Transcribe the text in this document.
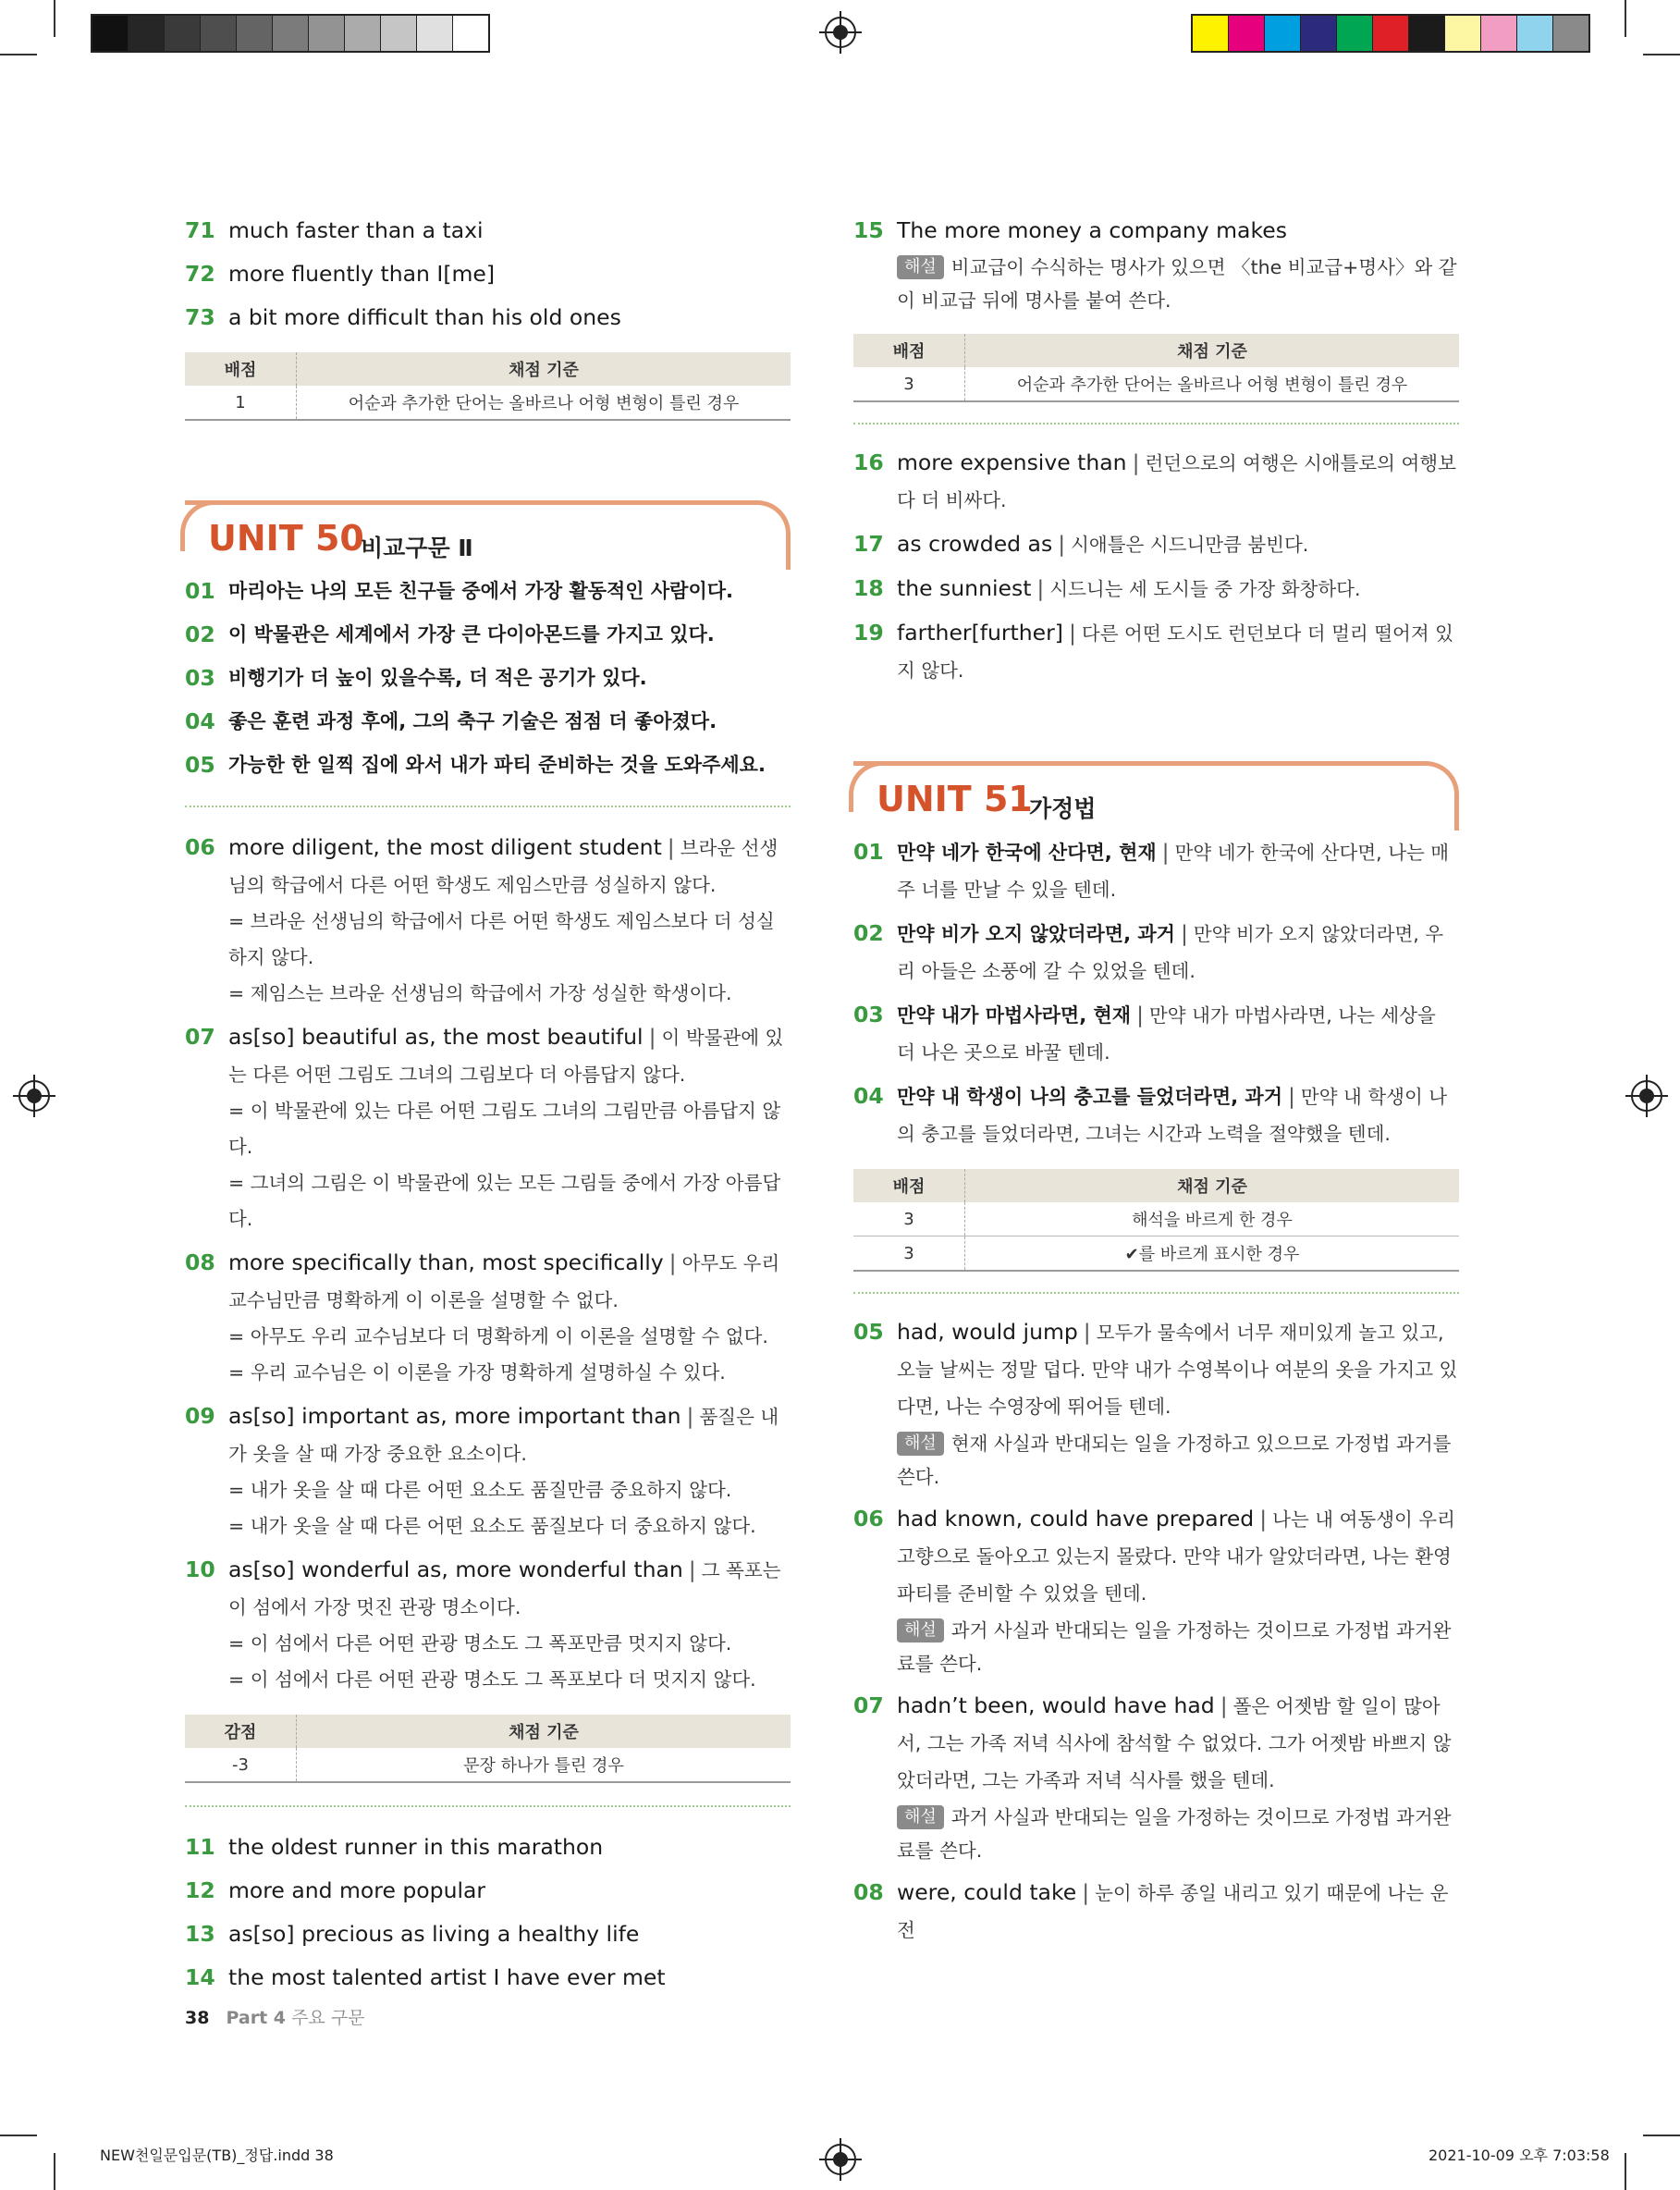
71 much faster than a taxi
72 more fluently than I[me]
73 a bit more difficult than his old ones
배점	채점 기준
1	어순과 추가한 단어는 올바르나 어형 변형이 틀린 경우
UNIT 50
비교구문 Ⅱ
01 마리아는 나의 모든 친구들 중에서 가장 활동적인 사람이다.
02 이 박물관은 세계에서 가장 큰 다이아몬드를 가지고 있다.
03 비행기가 더 높이 있을수록, 더 적은 공기가 있다.
04 좋은 훈련 과정 후에, 그의 축구 기술은 점점 더 좋아졌다.
05 가능한 한 일찍 집에 와서 내가 파티 준비하는 것을 도와주세요.
06 more diligent, the most diligent student | 브라운 선생님의 학급에서 다른 어떤 학생도 제임스만큼 성실하지 않다.
= 브라운 선생님의 학급에서 다른 어떤 학생도 제임스보다 더 성실하지 않다.
= 제임스는 브라운 선생님의 학급에서 가장 성실한 학생이다.
07 as[so] beautiful as, the most beautiful | 이 박물관에 있는 다른 어떤 그림도 그녀의 그림보다 더 아름답지 않다.
= 이 박물관에 있는 다른 어떤 그림도 그녀의 그림만큼 아름답지 않다.
= 그녀의 그림은 이 박물관에 있는 모든 그림들 중에서 가장 아름답다.
08 more specifically than, most specifically | 아무도 우리 교수님만큼 명확하게 이 이론을 설명할 수 없다.
= 아무도 우리 교수님보다 더 명확하게 이 이론을 설명할 수 없다.
= 우리 교수님은 이 이론을 가장 명확하게 설명하실 수 있다.
09 as[so] important as, more important than | 품질은 내가 옷을 살 때 가장 중요한 요소이다.
= 내가 옷을 살 때 다른 어떤 요소도 품질만큼 중요하지 않다.
= 내가 옷을 살 때 다른 어떤 요소도 품질보다 더 중요하지 않다.
10 as[so] wonderful as, more wonderful than | 그 폭포는 이 섬에서 가장 멋진 관광 명소이다.
= 이 섬에서 다른 어떤 관광 명소도 그 폭포만큼 멋지지 않다.
= 이 섬에서 다른 어떤 관광 명소도 그 폭포보다 더 멋지지 않다.
감점	채점 기준
-3	문장 하나가 틀린 경우
11 the oldest runner in this marathon
12 more and more popular
13 as[so] precious as living a healthy life
14 the most talented artist I have ever met
15 The more money a company makes
해설 비교급이 수식하는 명사가 있으면 〈the 비교급+명사〉와 같이 비교급 뒤에 명사를 붙여 쓴다.
배점	채점 기준
3	어순과 추가한 단어는 올바르나 어형 변형이 틀린 경우
16 more expensive than | 런던으로의 여행은 시애틀로의 여행보다 더 비싸다.
17 as crowded as | 시애틀은 시드니만큼 붐빈다.
18 the sunniest | 시드니는 세 도시들 중 가장 화창하다.
19 farther[further] | 다른 어떤 도시도 런던보다 더 멀리 떨어져 있지 않다.
UNIT 51
가정법
01 만약 네가 한국에 산다면, 현재 | 만약 네가 한국에 산다면, 나는 매주 너를 만날 수 있을 텐데.
02 만약 비가 오지 않았더라면, 과거 | 만약 비가 오지 않았더라면, 우리 아들은 소풍에 갈 수 있었을 텐데.
03 만약 내가 마법사라면, 현재 | 만약 내가 마법사라면, 나는 세상을 더 나은 곳으로 바꿀 텐데.
04 만약 내 학생이 나의 충고를 들었더라면, 과거 | 만약 내 학생이 나의 충고를 들었더라면, 그녀는 시간과 노력을 절약했을 텐데.
배점	채점 기준
3	해석을 바르게 한 경우
3	✔를 바르게 표시한 경우
05 had, would jump | 모두가 물속에서 너무 재미있게 놀고 있고, 오늘 날씨는 정말 덥다. 만약 내가 수영복이나 여분의 옷을 가지고 있다면, 나는 수영장에 뛰어들 텐데.
해설 현재 사실과 반대되는 일을 가정하고 있으므로 가정법 과거를 쓴다.
06 had known, could have prepared | 나는 내 여동생이 우리 고향으로 돌아오고 있는지 몰랐다. 만약 내가 알았더라면, 나는 환영 파티를 준비할 수 있었을 텐데.
해설 과거 사실과 반대되는 일을 가정하는 것이므로 가정법 과거완료를 쓴다.
07 hadn’t been, would have had | 폴은 어젯밤 할 일이 많아서, 그는 가족 저녁 식사에 참석할 수 없었다. 그가 어젯밤 바쁘지 않았더라면, 그는 가족과 저녁 식사를 했을 텐데.
해설 과거 사실과 반대되는 일을 가정하는 것이므로 가정법 과거완료를 쓴다.
08 were, could take | 눈이 하루 종일 내리고 있기 때문에 나는 운전
38 Part 4 주요 구문
NEW천일문입문(TB)_정답.indd 38	2021-10-09 오후 7:03:58
